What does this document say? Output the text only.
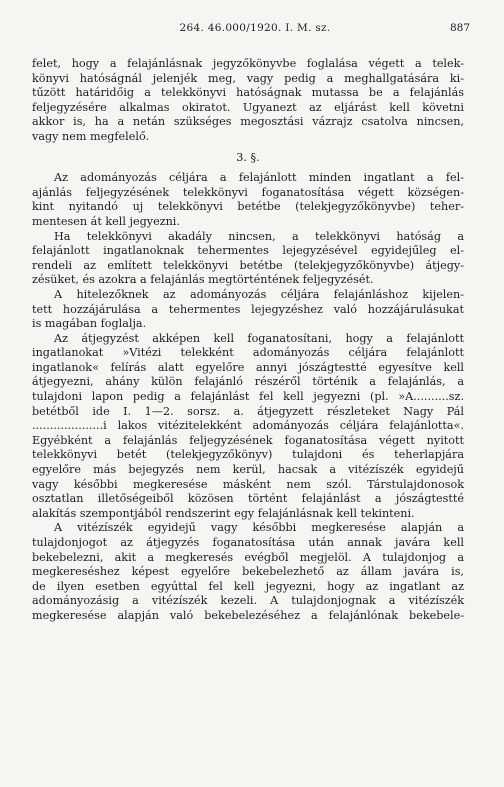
264. 46.000/1920. I. M. sz.	887
felet, hogy a felajánlásnak jegyzőkönyvbe foglalása végett a telek-
könyvi hatóságnál jelenjék meg, vagy pedig a meghallgatására ki-
tűzött határidőig a telekkönyvi hatóságnak mutassa be a felajánlás
feljegyzésére alkalmas okiratot. Ugyanezt az eljárást kell követni
akkor is, ha a netán szükséges megosztási vázrajz csatolva nincsen,
vagy nem megfelelő.
3. §.
Az adományozás céljára a felajánlott minden ingatlant a fel-
ajánlás feljegyzésének telekkönyvi foganatosítása végett községen-
kint nyitandó uj telekkönyvi betétbe (telekjegyzőkönyvbe) teher-
mentesen át kell jegyezni.
Ha telekkönyvi akadály nincsen, a telekkönyvi hatóság a
felajánlott ingatlanoknak tehermentes lejegyzésével egyidejűleg el-
rendeli az említett telekkönyvi betétbe (telekjegyzőkönyvbe) átjegy-
zésüket, és azokra a felajánlás megtörténtének feljegyzését.
A hitelezőknek az adományozás céljára felajánláshoz kijelen-
tett hozzájárulása a tehermentes lejegyzéshez való hozzájárulásukat
is magában foglalja.
Az átjegyzést akképen kell foganatosítani, hogy a felajánlott
ingatlanokat »Vitézi telekként adományozás céljára felajánlott
ingatlanok« felírás alatt egyelőre annyi jószágtestté egyesítve kell
átjegyezni, ahány külön felajánló részéről történik a felajánlás, a
tulajdoni lapon pedig a felajánlást fel kell jegyezni (pl. »A..........sz.
betétből ide I. 1—2. sorsz. a. átjegyzett részleteket Nagy Pál
....................i lakos vitézitelekként adományozás céljára felajánlotta«.
Egyébként a felajánlás feljegyzésének foganatosítása végett nyitott
telekkönyvi betét (telekjegyzőkönyv) tulajdoni és teherlapjára
egyelőre más bejegyzés nem kerül, hacsak a vitézíszék egyidejű
vagy későbbi megkeresése másként nem szól. Társtulajdonosok
osztatlan illetőségeiből közösen történt felajánlást a jószágtestté
alakítás szempontjából rendszerint egy felajánlásnak kell tekinteni.
A vitézíszék egyidejű vagy későbbi megkeresése alapján a
tulajdonjogot az átjegyzés foganatosítása után annak javára kell
bekebelezni, akit a megkeresés evégből megjelöl. A tulajdonjog a
megkereséshez képest egyelőre bekebelezhető az állam javára is,
de ilyen esetben egyúttal fel kell jegyezni, hogy az ingatlant az
adományozásig a vitézíszék kezeli. A tulajdonjognak a vitézíszék
megkeresése alapján való bekebelezéséhez a felajánlónak bekebele-
